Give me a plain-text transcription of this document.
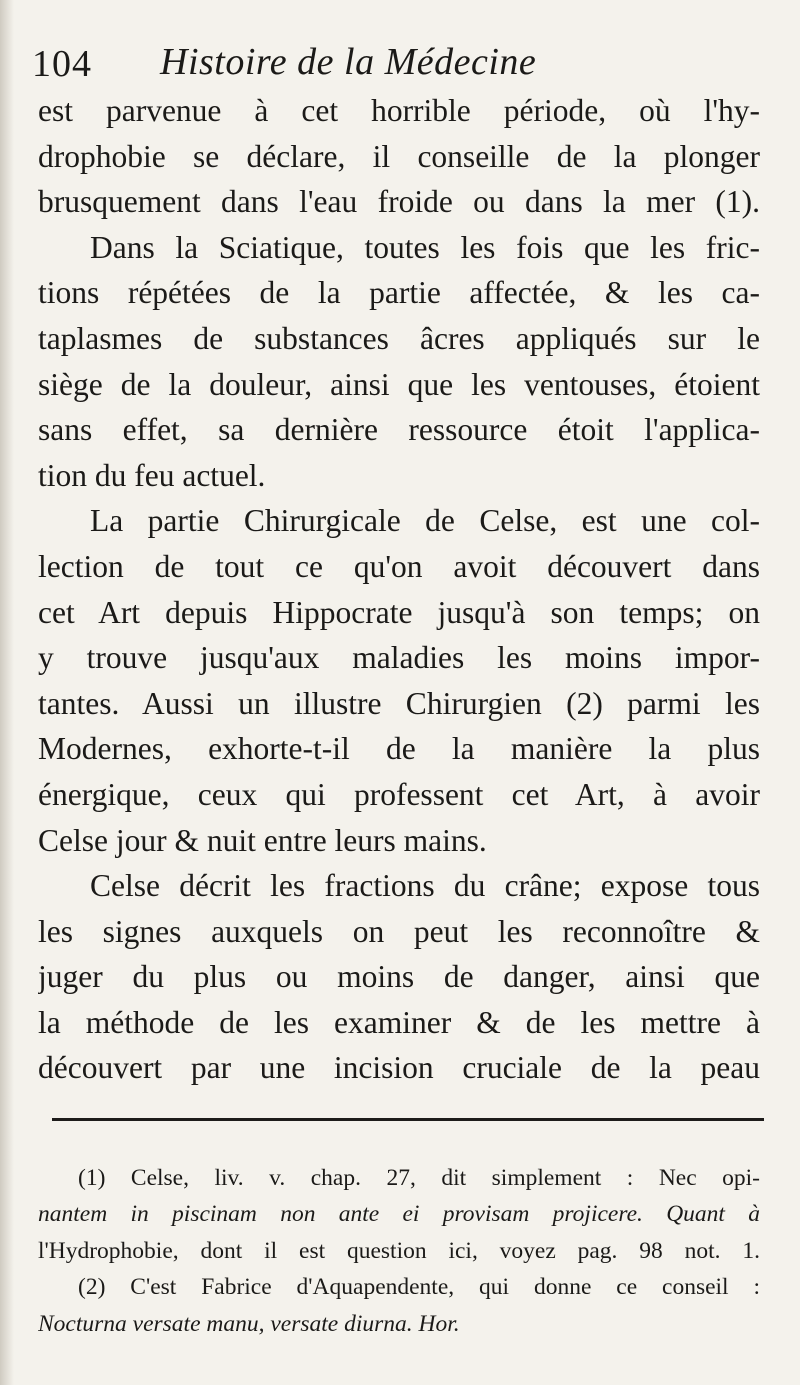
104 Histoire de la Médecine
est parvenue à cet horrible période, où l'hy-
drophobie se déclare, il conseille de la plonger
brusquement dans l'eau froide ou dans la mer (1).
Dans la Sciatique, toutes les fois que les fric-
tions répétées de la partie affectée, & les ca-
taplasmes de substances âcres appliqués sur le
siège de la douleur, ainsi que les ventouses, étoient
sans effet, sa dernière ressource étoit l'applica-
tion du feu actuel.
La partie Chirurgicale de Celse, est une col-
lection de tout ce qu'on avoit découvert dans
cet Art depuis Hippocrate jusqu'à son temps; on
y trouve jusqu'aux maladies les moins impor-
tantes. Aussi un illustre Chirurgien (2) parmi les
Modernes, exhorte-t-il de la manière la plus
énergique, ceux qui professent cet Art, à avoir
Celse jour & nuit entre leurs mains.
Celse décrit les fractions du crâne; expose tous
les signes auxquels on peut les reconnoître &
juger du plus ou moins de danger, ainsi que
la méthode de les examiner & de les mettre à
découvert par une incision cruciale de la peau
(1) Celse, liv. v. chap. 27, dit simplement : Nec opi-
nantem in piscinam non ante ei provisam projicere. Quant à
l'Hydrophobie, dont il est question ici, voyez pag. 98 not. 1.
(2) C'est Fabrice d'Aquapendente, qui donne ce conseil :
Nocturna versate manu, versate diurna. Hor.
